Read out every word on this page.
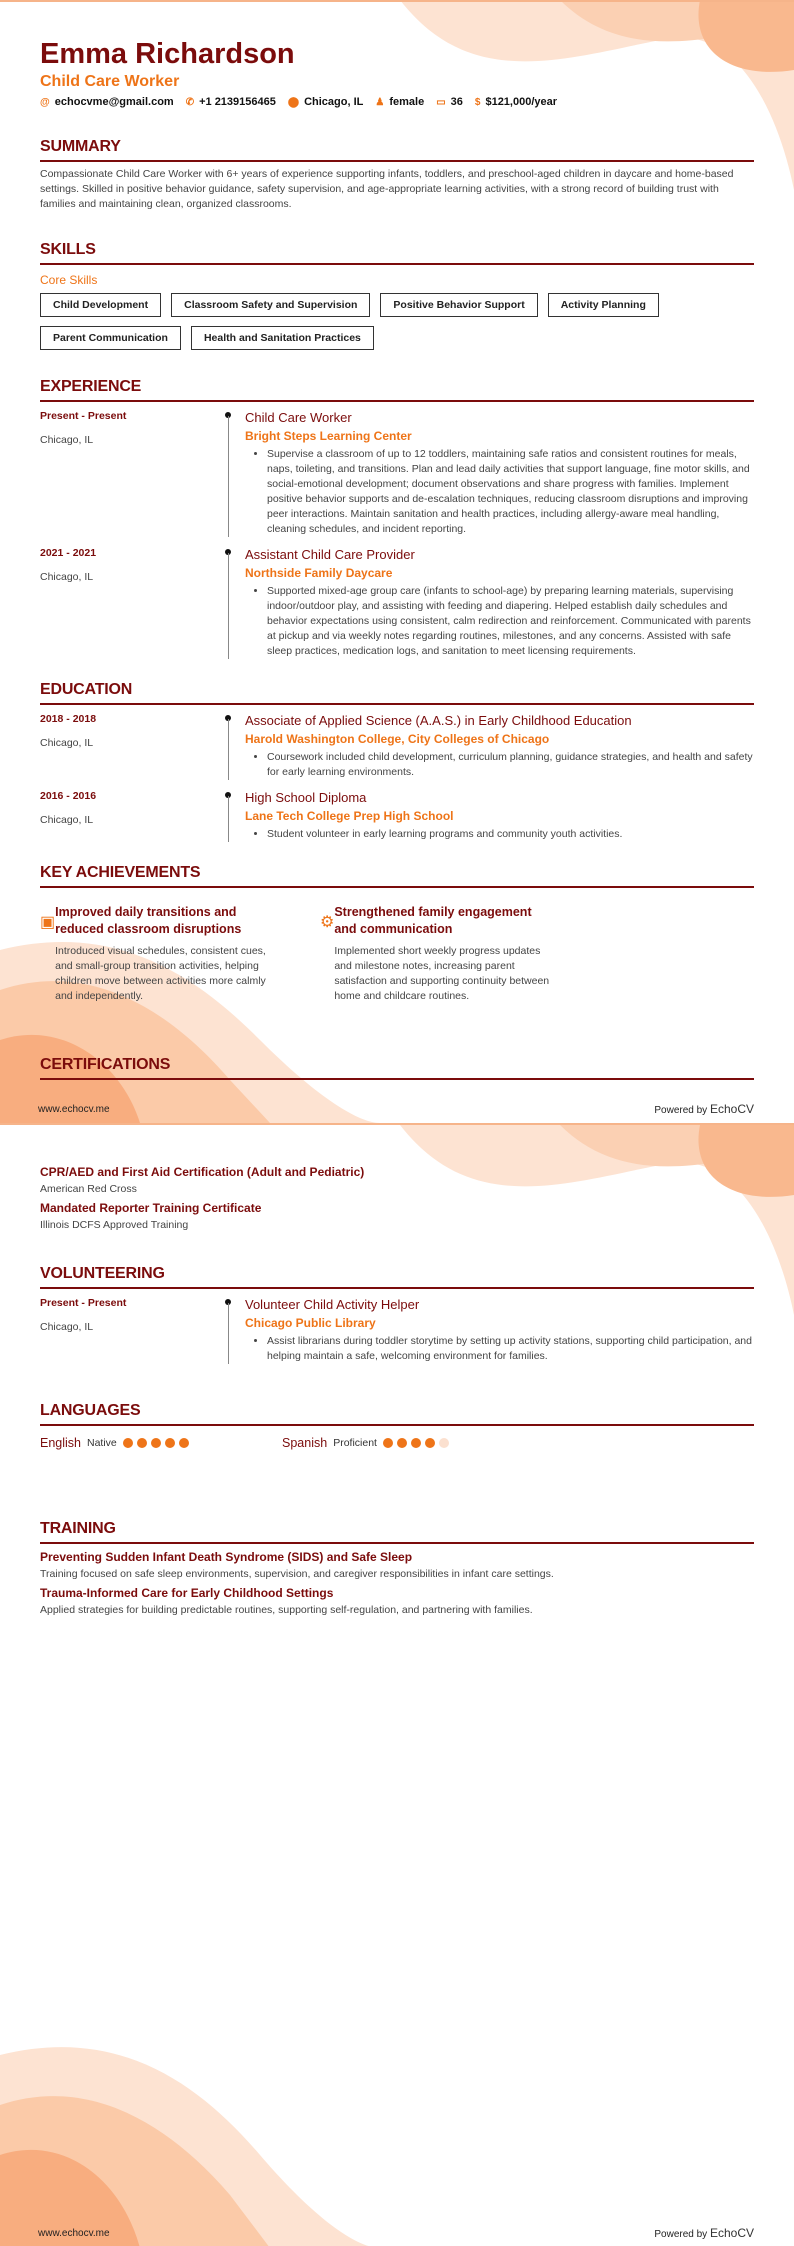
Emma Richardson
Child Care Worker
@ echocvme@gmail.com ✆ +1 2139156465 ⬤ Chicago, IL ♟ female ▭ 36 $ $121,000/year
SUMMARY

Compassionate Child Care Worker with 6+ years of experience supporting infants, toddlers, and preschool-aged children in daycare and home-based settings. Skilled in positive behavior guidance, safety supervision, and age-appropriate learning activities, with a strong record of building trust with families and maintaining clean, organized classrooms.

SKILLS
Core Skills
Child Development	Classroom Safety and Supervision	Positive Behavior Support	Activity Planning
Parent Communication	Health and Sanitation Practices
EXPERIENCE
Present - Present
Chicago, IL
Child Care Worker
Bright Steps Learning Center
• Supervise a classroom of up to 12 toddlers, maintaining safe ratios and consistent routines for meals, naps, toileting, and transitions. Plan and lead daily activities that support language, fine motor skills, and social-emotional development; document observations and share progress with families. Implement positive behavior supports and de-escalation techniques, reducing classroom disruptions and improving peer interactions. Maintain sanitation and health practices, including allergy-aware meal handling, cleaning schedules, and incident reporting.
2021 - 2021
Chicago, IL
Assistant Child Care Provider
Northside Family Daycare
• Supported mixed-age group care (infants to school-age) by preparing learning materials, supervising indoor/outdoor play, and assisting with feeding and diapering. Helped establish daily schedules and behavior expectations using consistent, calm redirection and reinforcement. Communicated with parents at pickup and via weekly notes regarding routines, milestones, and any concerns. Assisted with safe sleep practices, medication logs, and sanitation to meet licensing requirements.
EDUCATION
2018 - 2018
Chicago, IL
Associate of Applied Science (A.A.S.) in Early Childhood Education
Harold Washington College, City Colleges of Chicago
• Coursework included child development, curriculum planning, guidance strategies, and health and safety for early learning environments.
2016 - 2016
Chicago, IL
High School Diploma
Lane Tech College Prep High School
• Student volunteer in early learning programs and community youth activities.
KEY ACHIEVEMENTS
▣
Improved daily transitions and reduced classroom disruptions

Introduced visual schedules, consistent cues, and small-group transition activities, helping children move between activities more calmly and independently.

⚙
Strengthened family engagement and communication

Implemented short weekly progress updates and milestone notes, increasing parent satisfaction and supporting continuity between home and childcare routines.

CERTIFICATIONS
www.echocv.me	Powered by EchoCV
CPR/AED and First Aid Certification (Adult and Pediatric)

American Red Cross

Mandated Reporter Training Certificate

Illinois DCFS Approved Training

VOLUNTEERING
Present - Present
Chicago, IL
Volunteer Child Activity Helper
Chicago Public Library
• Assist librarians during toddler storytime by setting up activity stations, supporting child participation, and helping maintain a safe, welcoming environment for families.
LANGUAGES
English Native	Spanish Proficient
TRAINING
Preventing Sudden Infant Death Syndrome (SIDS) and Safe Sleep

Training focused on safe sleep environments, supervision, and caregiver responsibilities in infant care settings.

Trauma-Informed Care for Early Childhood Settings

Applied strategies for building predictable routines, supporting self-regulation, and partnering with families.

www.echocv.me	Powered by EchoCV
